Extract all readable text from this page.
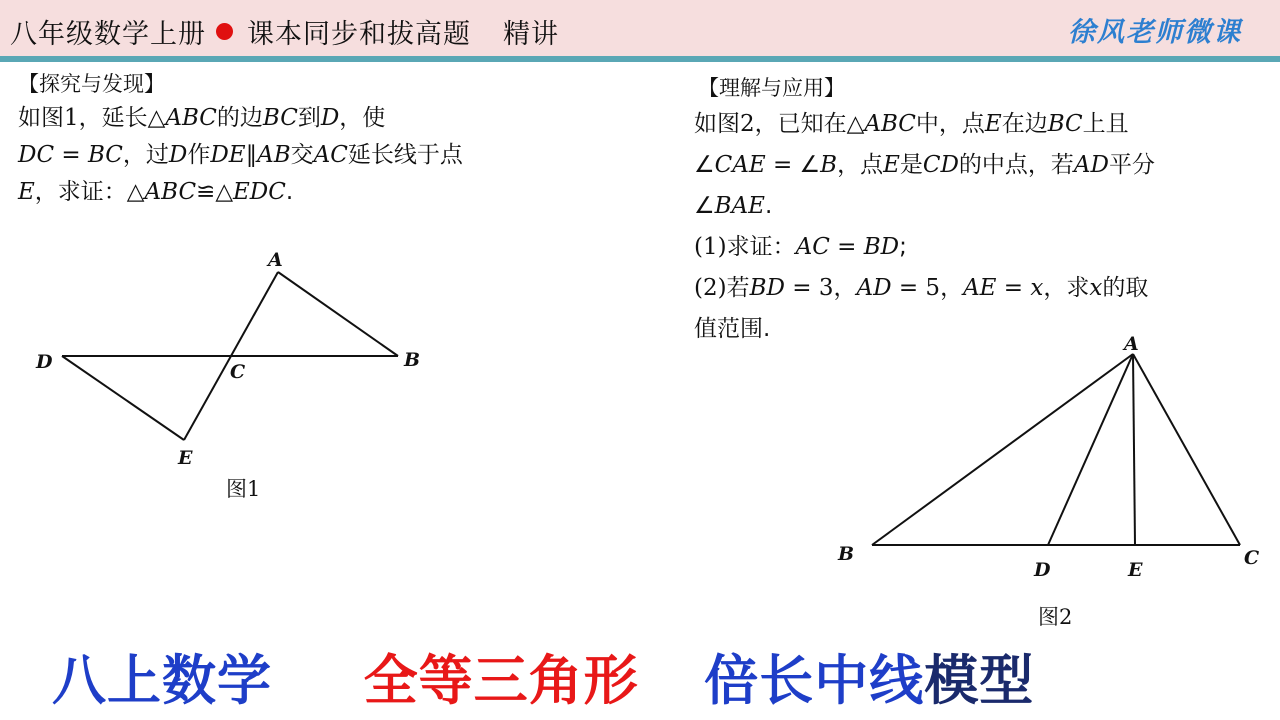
八年级数学上册 课本同步和拔高题 精讲	徐风老师微课
【探究与发现】
如图1，延长△ABC的边BC到D，使
DC = BC，过D作DE∥AB交AC延长线于点
E，求证：△ABC≌△EDC.
A
B
C
D
E
图1
【理解与应用】
如图2，已知在△ABC中，点E在边BC上且
∠CAE = ∠B，点E是CD的中点，若AD平分
∠BAE.
(1)求证：AC = BD;
(2)若BD = 3，AD = 5，AE = x，求x的取
值范围.
A
B	C
D	E
图2
八上数学 全等三角形 倍长中线模型
